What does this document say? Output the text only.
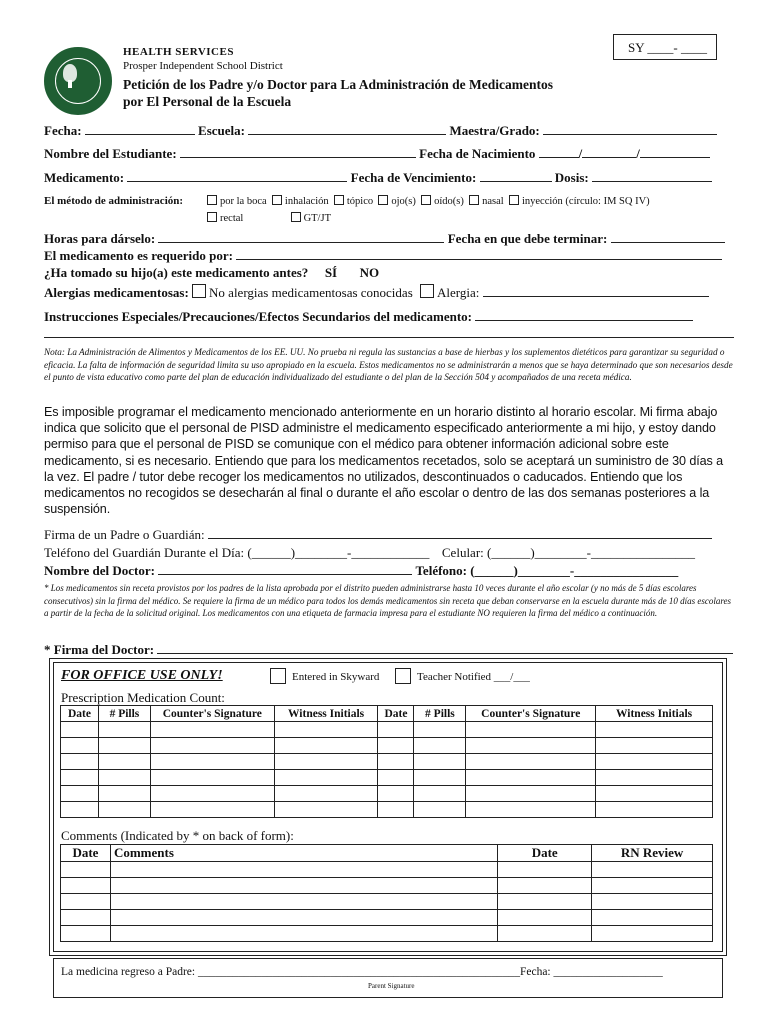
SY ____- ____
HEALTH SERVICES
Prosper Independent School District
Petición de los Padre y/o Doctor para La Administración de Medicamentos
por El Personal de la Escuela
Fecha:	Escuela:	Maestra/Grado:
Nombre del Estudiante:	Fecha de Nacimiento	/	/
Medicamento:	Fecha de Vencimiento:	Dosis:
El método de administración:	por la boca inhalación tópico ojo(s) oído(s) nasal inyección (círculo: IM SQ IV)
rectal	GT/JT
Horas para dárselo:	Fecha en que debe terminar:
El medicamento es requerido por:
¿Ha tomado su hijo(a) este medicamento antes? SÍ NO
Alergias medicamentosas: No alergias medicamentosas conocidas Alergia:
Instrucciones Especiales/Precauciones/Efectos Secundarios del medicamento:
Nota: La Administración de Alimentos y Medicamentos de los EE. UU. No prueba ni regula las sustancias a base de hierbas y los suplementos dietéticos para garantizar su seguridad o eficacia. La falta de información de seguridad limita su uso apropiado en la escuela. Estos medicamentos no se administrarán a menos que se haya determinado que son necesarios desde el punto de vista educativo como parte del plan de educación individualizado del estudiante o del plan de la Sección 504 y acompañados de una receta médica.
Es imposible programar el medicamento mencionado anteriormente en un horario distinto al horario escolar. Mi firma abajo indica que solicito que el personal de PISD administre el medicamento especificado anteriormente a mi hijo, y estoy dando permiso para que el personal de PISD se comunique con el médico para obtener información adicional sobre este medicamento, si es necesario. Entiendo que para los medicamentos recetados, solo se aceptará un suministro de 30 días a la vez. El padre / tutor debe recoger los medicamentos no utilizados, descontinuados o caducados. Entiendo que los medicamentos no recogidos se desecharán al final o durante el año escolar o dentro de las dos semanas posteriores a la suspensión.
Firma de un Padre o Guardián:
Teléfono del Guardián Durante el Día: (______)________-____________ Celular: (______)________-________________
Nombre del Doctor:	Teléfono: (______)________-________________
* Los medicamentos sin receta provistos por los padres de la lista aprobada por el distrito pueden administrarse hasta 10 veces durante el año escolar (y no más de 5 días escolares consecutivos) sin la firma del médico. Se requiere la firma de un médico para todos los demás medicamentos sin receta que deban conservarse en la escuela durante más de 10 días escolares a partir de la fecha de la solicitud original. Los medicamentos con una etiqueta de farmacia impresa para el estudiante NO requieren la firma del médico a continuación.
* Firma del Doctor:
FOR OFFICE USE ONLY!	Entered in Skyward	Teacher Notified ___/___
Prescription Medication Count:
Date	# Pills	Counter's Signature	Witness Initials	Date	# Pills	Counter's Signature	Witness Initials

Comments (Indicated by * on back of form):
Date	Comments	Date	RN Review

La medicina regreso a Padre: ________________________________________________________Fecha: ___________________
Parent Signature
